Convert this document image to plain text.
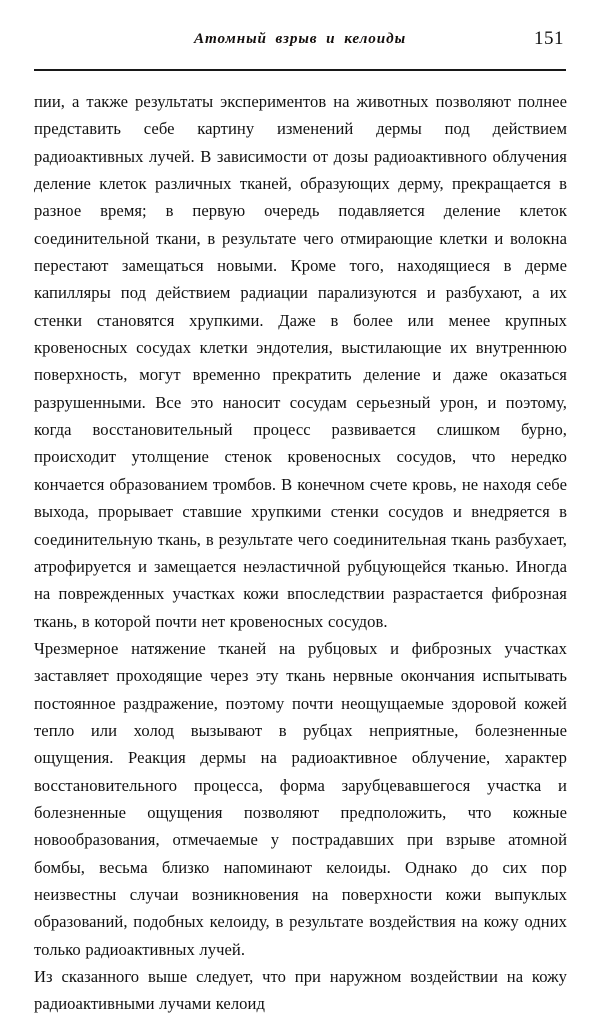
Атомный взрыв и келоиды	151

пии, а также результаты экспериментов на животных позволяют полнее представить себе картину изменений дермы под действием радиоактивных лучей. В зависимости от дозы радиоактивного облучения деление клеток различных тканей, образующих дерму, прекращается в разное время; в первую очередь подавляется деление клеток соединительной ткани, в результате чего отмирающие клетки и волокна перестают замещаться новыми. Кроме того, находящиеся в дерме капилляры под действием радиации парализуются и разбухают, а их стенки становятся хрупкими. Даже в более или менее крупных кровеносных сосудах клетки эндотелия, выстилающие их внутреннюю поверхность, могут временно прекратить деление и даже оказаться разрушенными. Все это наносит сосудам серьезный урон, и поэтому, когда восстановительный процесс развивается слишком бурно, происходит утолщение стенок кровеносных сосудов, что нередко кончается образованием тромбов. В конечном счете кровь, не находя себе выхода, прорывает ставшие хрупкими стенки сосудов и внедряется в соединительную ткань, в результате чего соединительная ткань разбухает, атрофируется и замещается неэластичной рубцующейся тканью. Иногда на поврежденных участках кожи впоследствии разрастается фиброзная ткань, в которой почти нет кровеносных сосудов.

Чрезмерное натяжение тканей на рубцовых и фиброзных участках заставляет проходящие через эту ткань нервные окончания испытывать постоянное раздражение, поэтому почти неощущаемые здоровой кожей тепло или холод вызывают в рубцах неприятные, болезненные ощущения. Реакция дермы на радиоактивное облучение, характер восстановительного процесса, форма зарубцевавшегося участка и болезненные ощущения позволяют предположить, что кожные новообразования, отмечаемые у пострадавших при взрыве атомной бомбы, весьма близко напоминают келоиды. Однако до сих пор неизвестны случаи возникновения на поверхности кожи выпуклых образований, подобных келоиду, в результате воздействия на кожу одних только радиоактивных лучей.

Из сказанного выше следует, что при наружном воздействии на кожу радиоактивными лучами келоид
